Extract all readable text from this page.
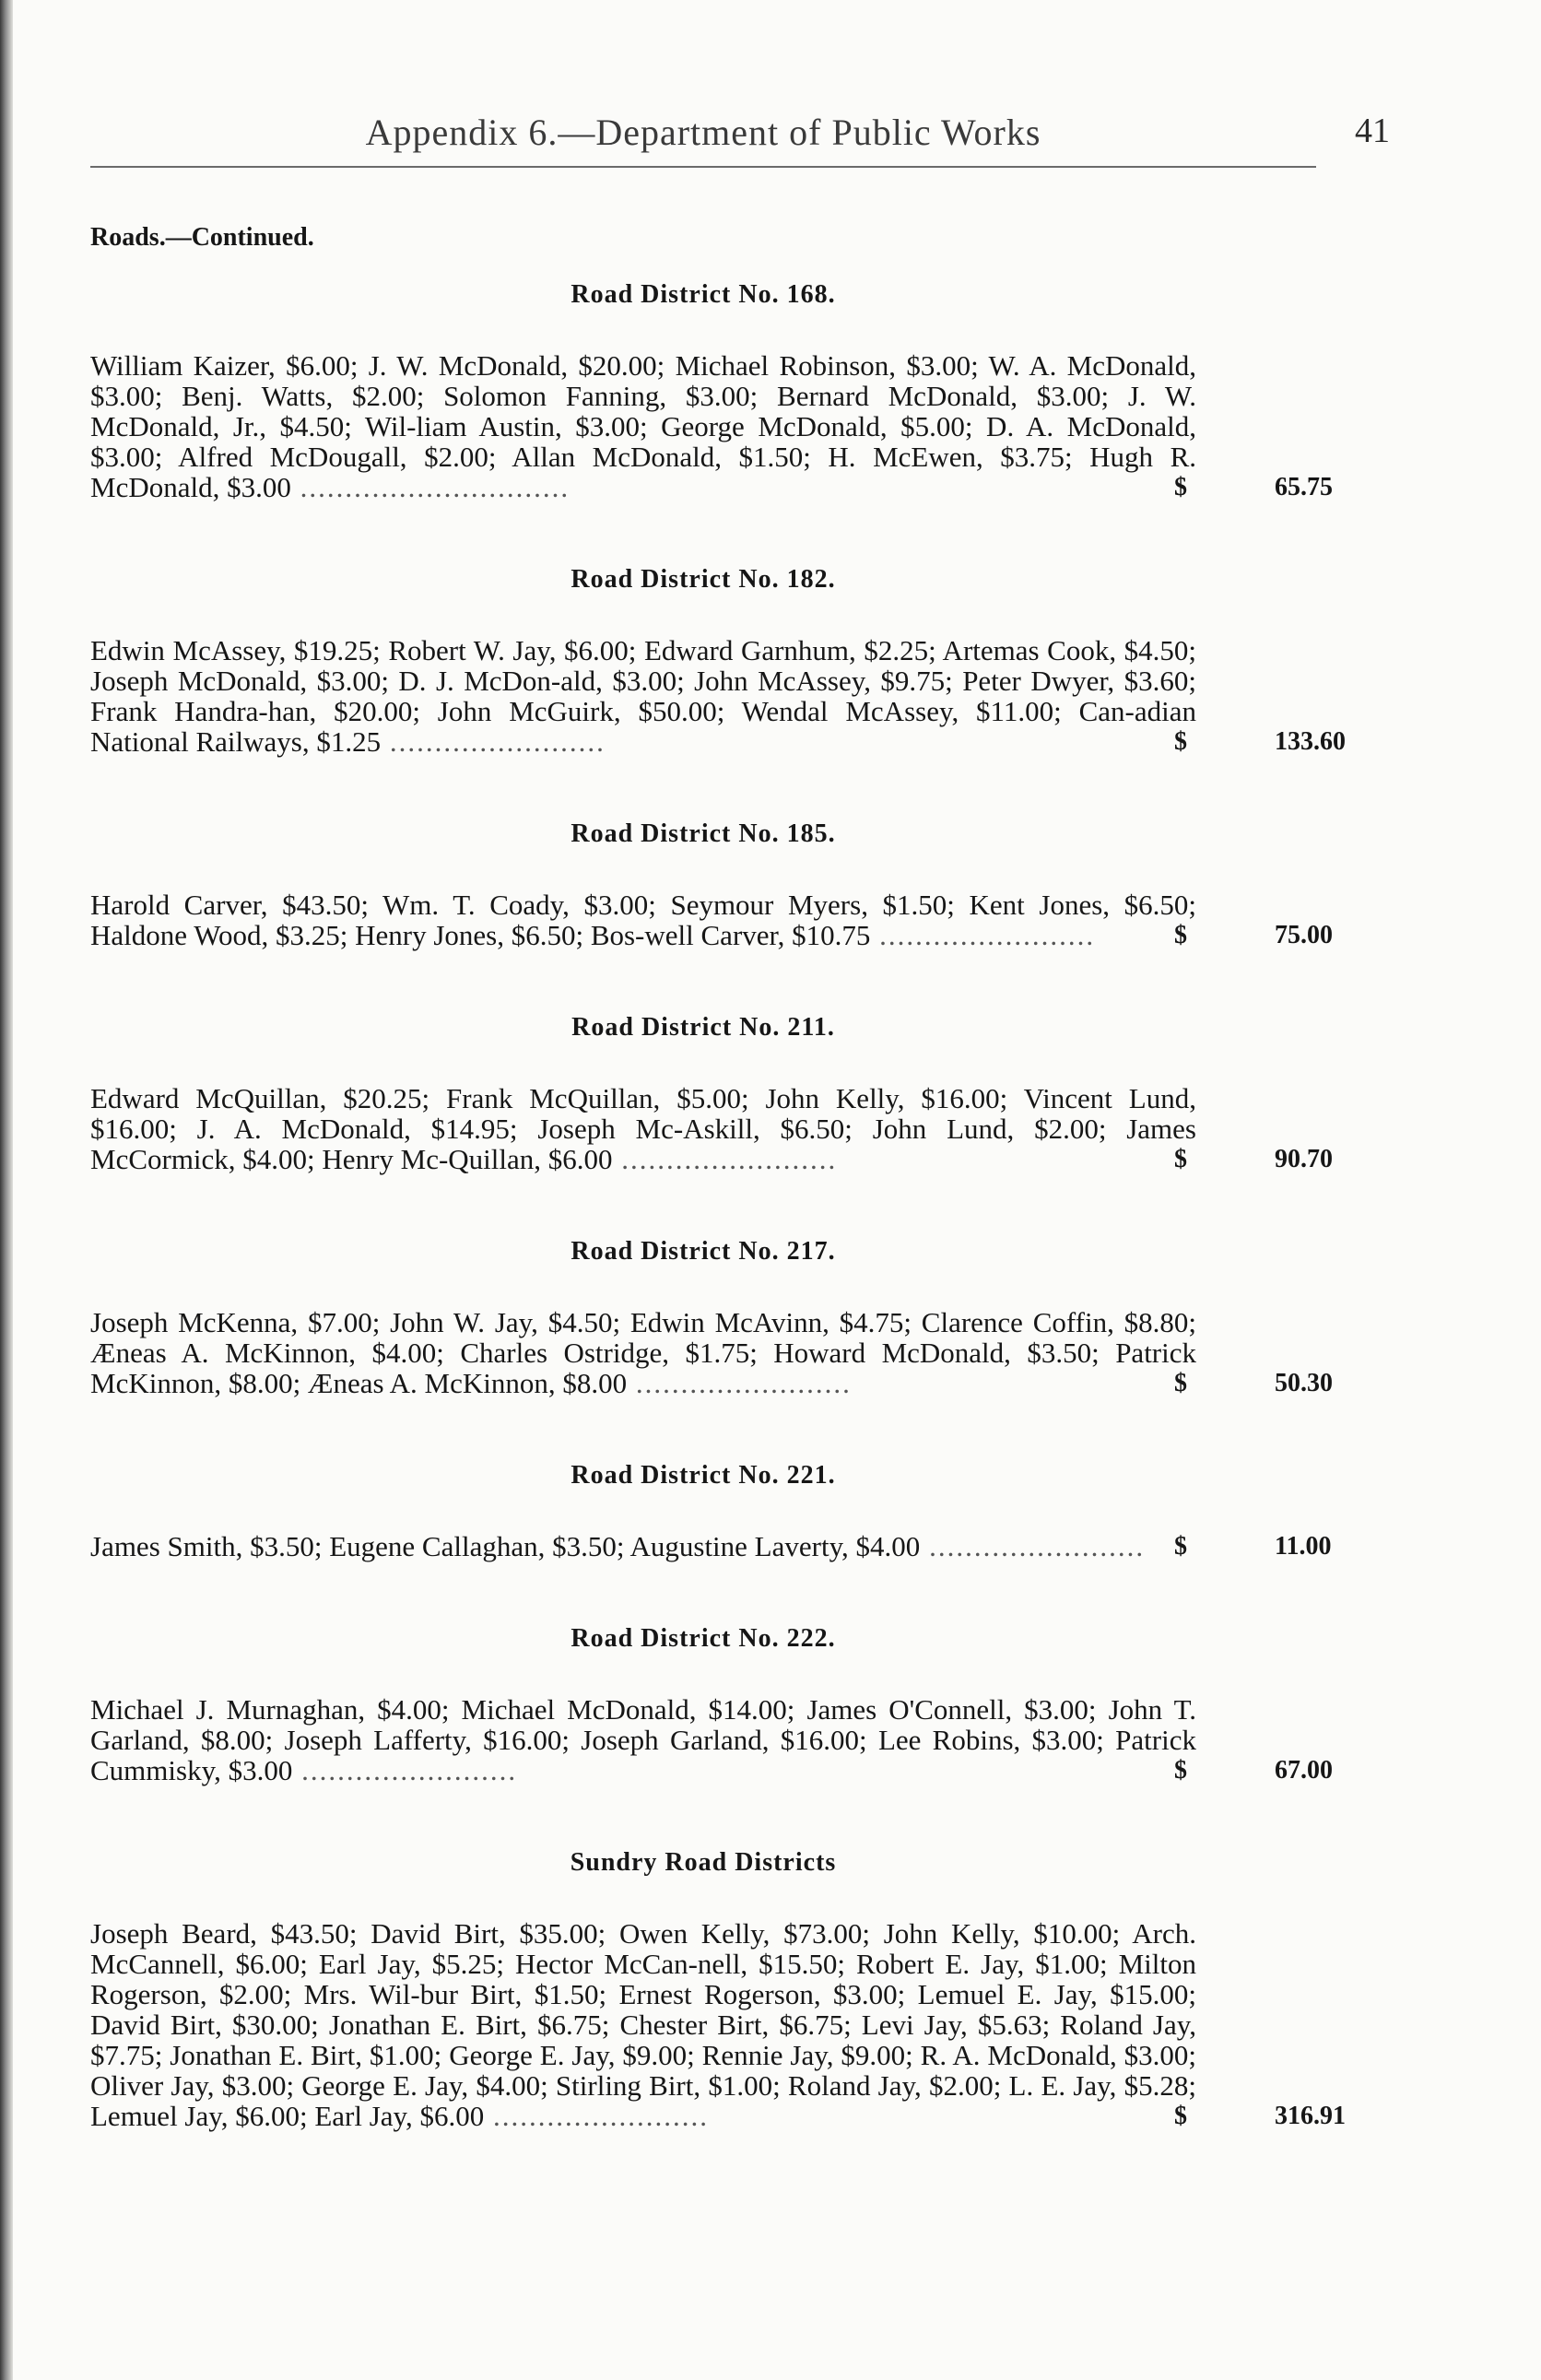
Appendix 6.—Department of Public Works	41
Roads.—Continued.
Road District No. 168.
William Kaizer, $6.00; J. W. McDonald, $20.00; Michael Robinson, $3.00; W. A. McDonald, $3.00; Benj. Watts, $2.00; Solomon Fanning, $3.00; Bernard McDonald, $3.00; J. W. McDonald, Jr., $4.50; Wil-liam Austin, $3.00; George McDonald, $5.00; D. A. McDonald, $3.00; Alfred McDougall, $2.00; Allan McDonald, $1.50; H. McEwen, $3.75; Hugh R. McDonald, $3.00 ..............................	$	65.75
Road District No. 182.
Edwin McAssey, $19.25; Robert W. Jay, $6.00; Edward Garnhum, $2.25; Artemas Cook, $4.50; Joseph McDonald, $3.00; D. J. McDon-ald, $3.00; John McAssey, $9.75; Peter Dwyer, $3.60; Frank Handra-han, $20.00; John McGuirk, $50.00; Wendal McAssey, $11.00; Can-adian National Railways, $1.25 ........................	$	133.60
Road District No. 185.
Harold Carver, $43.50; Wm. T. Coady, $3.00; Seymour Myers, $1.50; Kent Jones, $6.50; Haldone Wood, $3.25; Henry Jones, $6.50; Bos-well Carver, $10.75 ........................	$	75.00
Road District No. 211.
Edward McQuillan, $20.25; Frank McQuillan, $5.00; John Kelly, $16.00; Vincent Lund, $16.00; J. A. McDonald, $14.95; Joseph Mc-Askill, $6.50; John Lund, $2.00; James McCormick, $4.00; Henry Mc-Quillan, $6.00 ........................	$	90.70
Road District No. 217.
Joseph McKenna, $7.00; John W. Jay, $4.50; Edwin McAvinn, $4.75; Clarence Coffin, $8.80; Æneas A. McKinnon, $4.00; Charles Ostridge, $1.75; Howard McDonald, $3.50; Patrick McKinnon, $8.00; Æneas A. McKinnon, $8.00 ........................	$	50.30
Road District No. 221.
James Smith, $3.50; Eugene Callaghan, $3.50; Augustine Laverty, $4.00 ........................ $	11.00
Road District No. 222.
Michael J. Murnaghan, $4.00; Michael McDonald, $14.00; James O'Connell, $3.00; John T. Garland, $8.00; Joseph Lafferty, $16.00; Joseph Garland, $16.00; Lee Robins, $3.00; Patrick Cummisky, $3.00 ........................	$	67.00
Sundry Road Districts
Joseph Beard, $43.50; David Birt, $35.00; Owen Kelly, $73.00; John Kelly, $10.00; Arch. McCannell, $6.00; Earl Jay, $5.25; Hector McCan-nell, $15.50; Robert E. Jay, $1.00; Milton Rogerson, $2.00; Mrs. Wil-bur Birt, $1.50; Ernest Rogerson, $3.00; Lemuel E. Jay, $15.00; David Birt, $30.00; Jonathan E. Birt, $6.75; Chester Birt, $6.75; Levi Jay, $5.63; Roland Jay, $7.75; Jonathan E. Birt, $1.00; George E. Jay, $9.00; Rennie Jay, $9.00; R. A. McDonald, $3.00; Oliver Jay, $3.00; George E. Jay, $4.00; Stirling Birt, $1.00; Roland Jay, $2.00; L. E. Jay, $5.28; Lemuel Jay, $6.00; Earl Jay, $6.00 ........................	$	316.91
